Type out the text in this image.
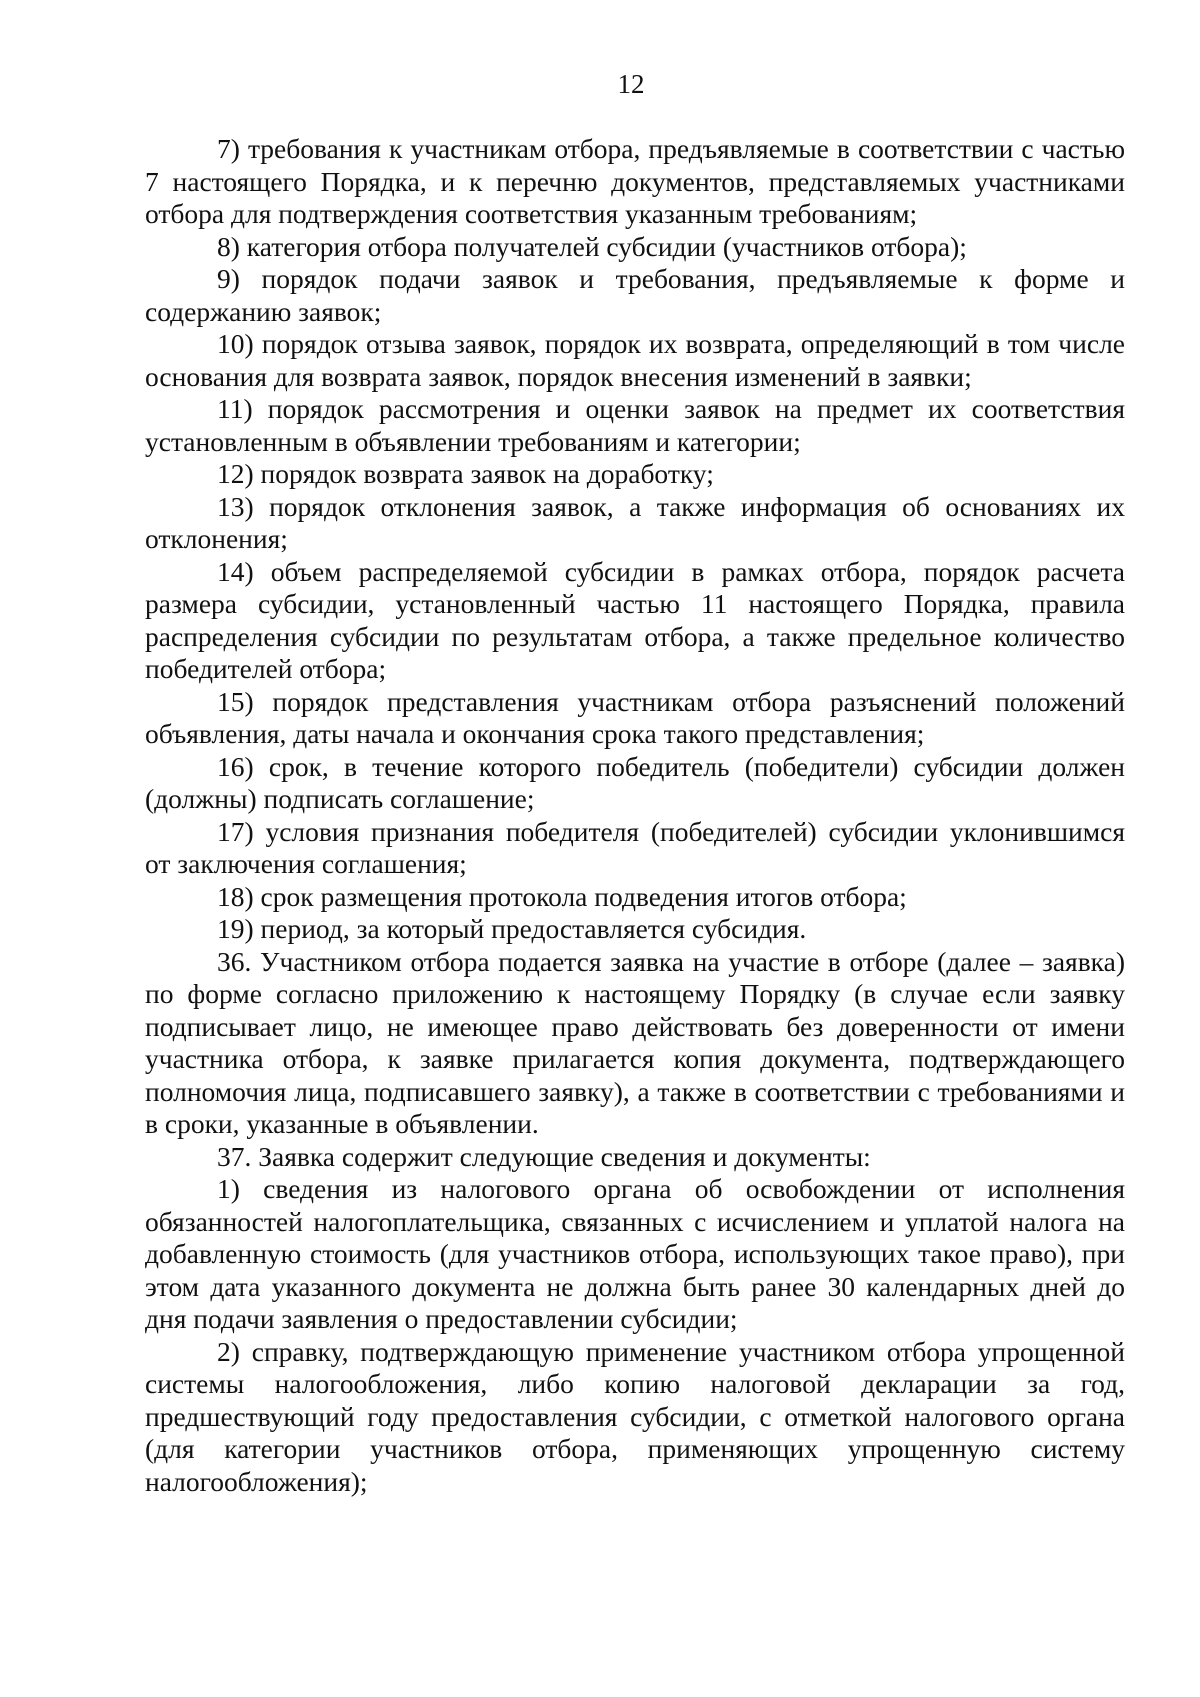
12

7) требования к участникам отбора, предъявляемые в соответствии с частью 7 настоящего Порядка, и к перечню документов, представляемых участниками отбора для подтверждения соответствия указанным требованиям;

8) категория отбора получателей субсидии (участников отбора);

9) порядок подачи заявок и требования, предъявляемые к форме и содержанию заявок;

10) порядок отзыва заявок, порядок их возврата, определяющий в том числе основания для возврата заявок, порядок внесения изменений в заявки;

11) порядок рассмотрения и оценки заявок на предмет их соответствия установленным в объявлении требованиям и категории;

12) порядок возврата заявок на доработку;

13) порядок отклонения заявок, а также информация об основаниях их отклонения;

14) объем распределяемой субсидии в рамках отбора, порядок расчета размера субсидии, установленный частью 11 настоящего Порядка, правила распределения субсидии по результатам отбора, а также предельное количество победителей отбора;

15) порядок представления участникам отбора разъяснений положений объявления, даты начала и окончания срока такого представления;

16) срок, в течение которого победитель (победители) субсидии должен (должны) подписать соглашение;

17) условия признания победителя (победителей) субсидии уклонившимся от заключения соглашения;

18) срок размещения протокола подведения итогов отбора;

19) период, за который предоставляется субсидия.

36. Участником отбора подается заявка на участие в отборе (далее – заявка) по форме согласно приложению к настоящему Порядку (в случае если заявку подписывает лицо, не имеющее право действовать без доверенности от имени участника отбора, к заявке прилагается копия документа, подтверждающего полномочия лица, подписавшего заявку), а также в соответствии с требованиями и в сроки, указанные в объявлении.

37. Заявка содержит следующие сведения и документы:

1) сведения из налогового органа об освобождении от исполнения обязанностей налогоплательщика, связанных с исчислением и уплатой налога на добавленную стоимость (для участников отбора, использующих такое право), при этом дата указанного документа не должна быть ранее 30 календарных дней до дня подачи заявления о предоставлении субсидии;

2) справку, подтверждающую применение участником отбора упрощенной системы налогообложения, либо копию налоговой декларации за год, предшествующий году предоставления субсидии, с отметкой налогового органа (для категории участников отбора, применяющих упрощенную систему налогообложения);
